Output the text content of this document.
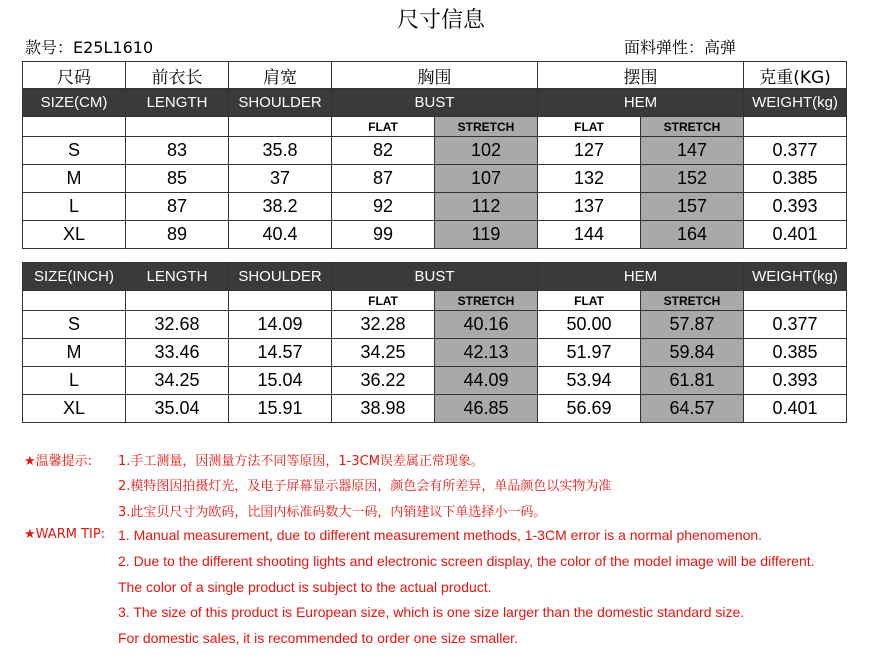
尺寸信息
款号：E25L1610	面料弹性：高弹
尺码	前衣长	肩宽	胸围		摆围		克重(KG)
SIZE(CM)	LENGTH	SHOULDER	BUST		HEM		WEIGHT(kg)
			FLAT	STRETCH	FLAT	STRETCH	
S	83	35.8	82	102	127	147	0.377
M	85	37	87	107	132	152	0.385
L	87	38.2	92	112	137	157	0.393
XL	89	40.4	99	119	144	164	0.401
SIZE(INCH)	LENGTH	SHOULDER	BUST		HEM		WEIGHT(kg)
			FLAT	STRETCH	FLAT	STRETCH	
S	32.68	14.09	32.28	40.16	50.00	57.87	0.377
M	33.46	14.57	34.25	42.13	51.97	59.84	0.385
L	34.25	15.04	36.22	44.09	53.94	61.81	0.393
XL	35.04	15.91	38.98	46.85	56.69	64.57	0.401
★温馨提示: 1.手工测量，因测量方法不同等原因，1-3CM误差属正常现象。
2.模特图因拍摄灯光，及电子屏幕显示器原因，颜色会有所差异，单品颜色以实物为准
3.此宝贝尺寸为欧码，比国内标准码数大一码，内销建议下单选择小一码。
★WARM TIP: 1. Manual measurement, due to different measurement methods, 1-3CM error is a normal phenomenon.
2. Due to the different shooting lights and electronic screen display, the color of the model image will be different.
The color of a single product is subject to the actual product.
3. The size of this product is European size, which is one size larger than the domestic standard size.
For domestic sales, it is recommended to order one size smaller.
